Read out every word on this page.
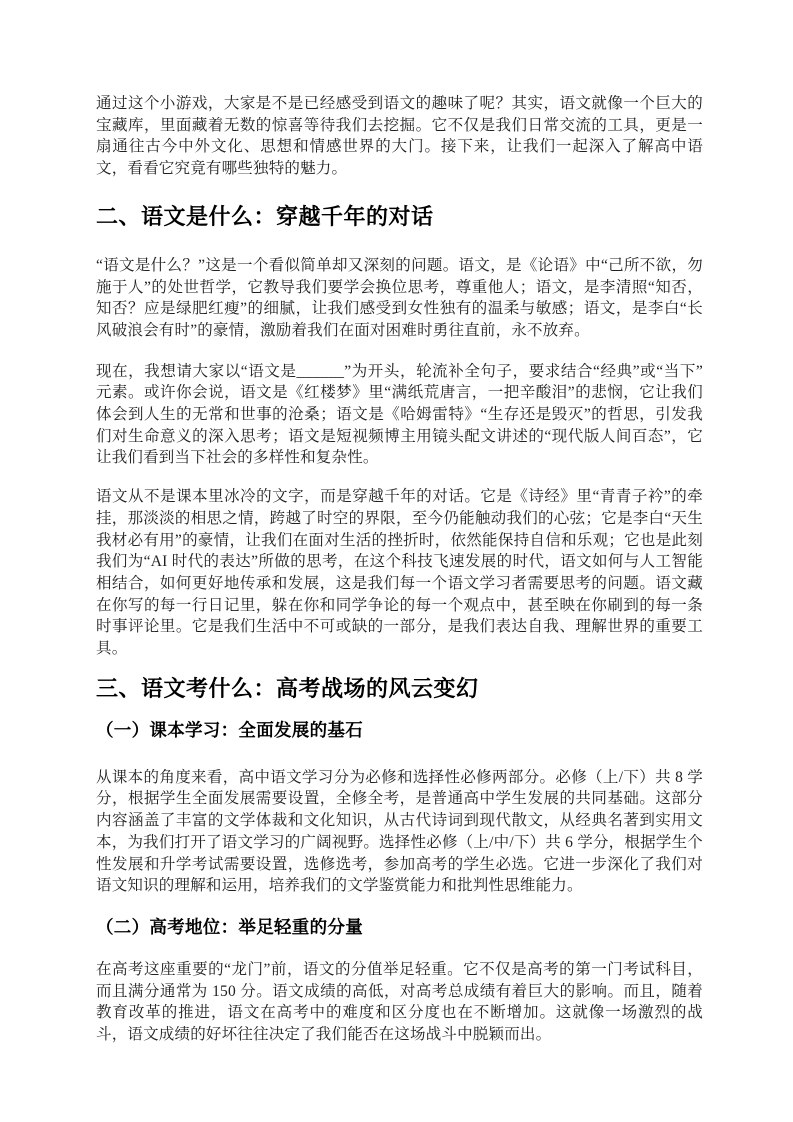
通过这个小游戏，大家是不是已经感受到语文的趣味了呢？其实，语文就像一个巨大的宝藏库，里面藏着无数的惊喜等待我们去挖掘。它不仅是我们日常交流的工具，更是一扇通往古今中外文化、思想和情感世界的大门。接下来，让我们一起深入了解高中语文，看看它究竟有哪些独特的魅力。

二、语文是什么：穿越千年的对话

“语文是什么？”这是一个看似简单却又深刻的问题。语文，是《论语》中“己所不欲，勿施于人”的处世哲学，它教导我们要学会换位思考，尊重他人；语文，是李清照“知否，知否？应是绿肥红瘦”的细腻，让我们感受到女性独有的温柔与敏感；语文，是李白“长风破浪会有时”的豪情，激励着我们在面对困难时勇往直前，永不放弃。

现在，我想请大家以“语文是______”为开头，轮流补全句子，要求结合“经典”或“当下”元素。或许你会说，语文是《红楼梦》里“满纸荒唐言，一把辛酸泪”的悲悯，它让我们体会到人生的无常和世事的沧桑；语文是《哈姆雷特》“生存还是毁灭”的哲思，引发我们对生命意义的深入思考；语文是短视频博主用镜头配文讲述的“现代版人间百态”，它让我们看到当下社会的多样性和复杂性。

语文从不是课本里冰冷的文字，而是穿越千年的对话。它是《诗经》里“青青子衿”的牵挂，那淡淡的相思之情，跨越了时空的界限，至今仍能触动我们的心弦；它是李白“天生我材必有用”的豪情，让我们在面对生活的挫折时，依然能保持自信和乐观；它也是此刻我们为“AI 时代的表达”所做的思考，在这个科技飞速发展的时代，语文如何与人工智能相结合，如何更好地传承和发展，这是我们每一个语文学习者需要思考的问题。语文藏在你写的每一行日记里，躲在你和同学争论的每一个观点中，甚至映在你刷到的每一条时事评论里。它是我们生活中不可或缺的一部分，是我们表达自我、理解世界的重要工具。

三、语文考什么：高考战场的风云变幻
（一）课本学习：全面发展的基石

从课本的角度来看，高中语文学习分为必修和选择性必修两部分。必修（上/下）共 8 学分，根据学生全面发展需要设置，全修全考，是普通高中学生发展的共同基础。这部分内容涵盖了丰富的文学体裁和文化知识，从古代诗词到现代散文，从经典名著到实用文本，为我们打开了语文学习的广阔视野。选择性必修（上/中/下）共 6 学分，根据学生个性发展和升学考试需要设置，选修选考，参加高考的学生必选。它进一步深化了我们对语文知识的理解和运用，培养我们的文学鉴赏能力和批判性思维能力。

（二）高考地位：举足轻重的分量

在高考这座重要的“龙门”前，语文的分值举足轻重。它不仅是高考的第一门考试科目，而且满分通常为 150 分。语文成绩的高低，对高考总成绩有着巨大的影响。而且，随着教育改革的推进，语文在高考中的难度和区分度也在不断增加。这就像一场激烈的战斗，语文成绩的好坏往往决定了我们能否在这场战斗中脱颖而出。
